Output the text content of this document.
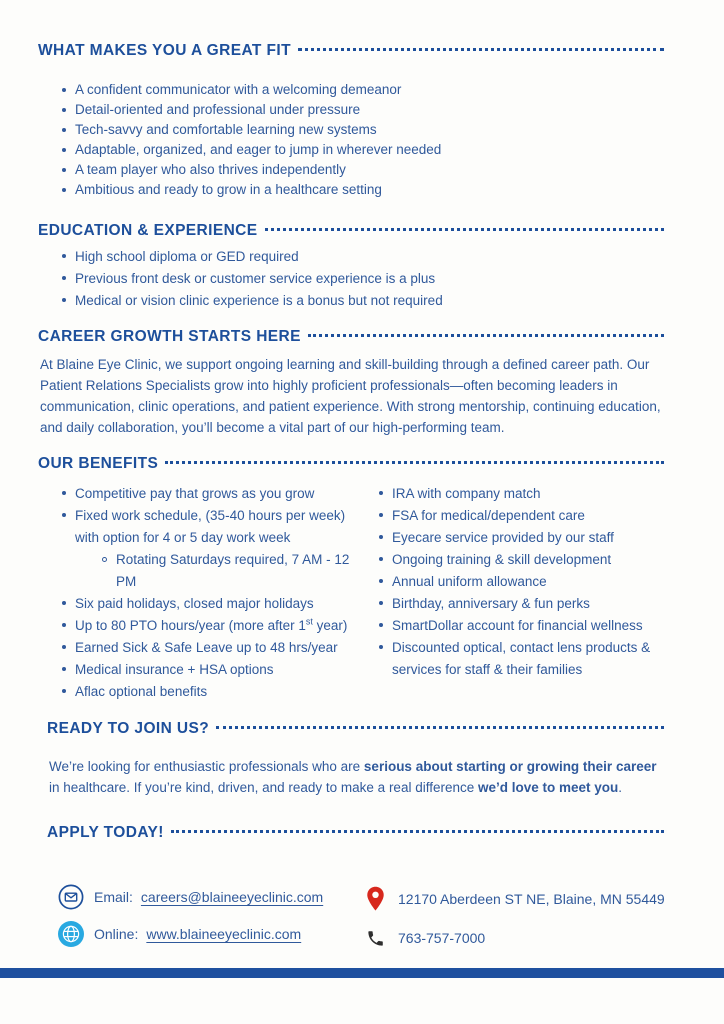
WHAT MAKES YOU A GREAT FIT
A confident communicator with a welcoming demeanor
Detail-oriented and professional under pressure
Tech-savvy and comfortable learning new systems
Adaptable, organized, and eager to jump in wherever needed
A team player who also thrives independently
Ambitious and ready to grow in a healthcare setting
EDUCATION & EXPERIENCE
High school diploma or GED required
Previous front desk or customer service experience is a plus
Medical or vision clinic experience is a bonus but not required
CAREER GROWTH STARTS HERE

At Blaine Eye Clinic, we support ongoing learning and skill-building through a defined career path. Our Patient Relations Specialists grow into highly proficient professionals—often becoming leaders in communication, clinic operations, and patient experience. With strong mentorship, continuing education, and daily collaboration, you’ll become a vital part of our high-performing team.

OUR BENEFITS
Competitive pay that grows as you grow
Fixed work schedule, (35-40 hours per week) with option for 4 or 5 day work week
Rotating Saturdays required, 7 AM - 12 PM
Six paid holidays, closed major holidays
Up to 80 PTO hours/year (more after 1st year)
Earned Sick & Safe Leave up to 48 hrs/year
Medical insurance + HSA options
Aflac optional benefits
IRA with company match
FSA for medical/dependent care
Eyecare service provided by our staff
Ongoing training & skill development
Annual uniform allowance
Birthday, anniversary & fun perks
SmartDollar account for financial wellness
Discounted optical, contact lens products & services for staff & their families
READY TO JOIN US?

We’re looking for enthusiastic professionals who are serious about starting or growing their career in healthcare. If you’re kind, driven, and ready to make a real difference we’d love to meet you.

APPLY TODAY!
Email: careers@blaineeyeclinic.com
Online: www.blaineeyeclinic.com
12170 Aberdeen ST NE, Blaine, MN 55449
763-757-7000
